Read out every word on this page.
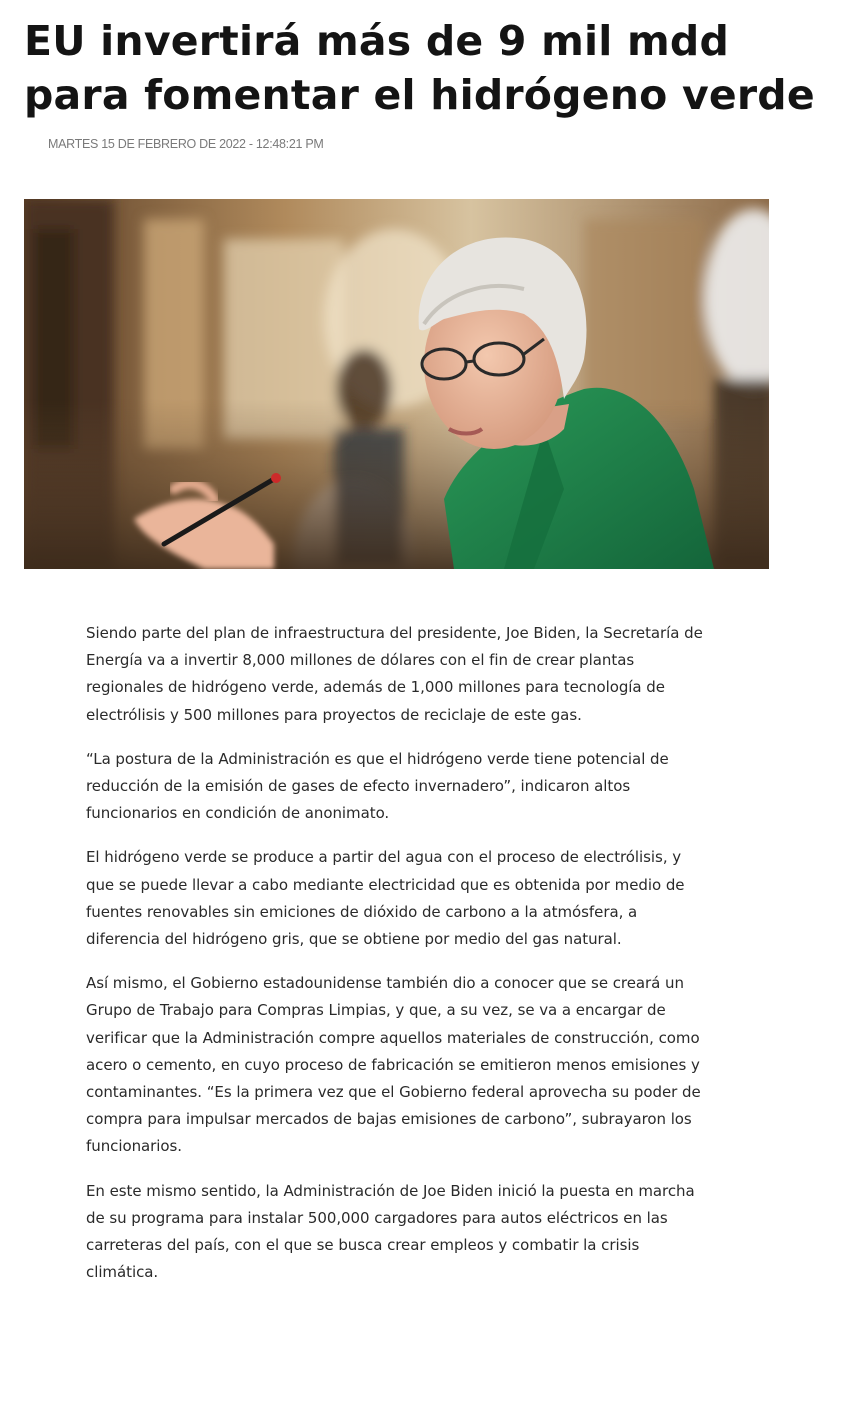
EU invertirá más de 9 mil mdd para fomentar el hidrógeno verde

MARTES 15 DE FEBRERO DE 2022 - 12:48:21 PM

Siendo parte del plan de infraestructura del presidente, Joe Biden, la Secretaría de Energía va a invertir 8,000 millones de dólares con el fin de crear plantas regionales de hidrógeno verde, además de 1,000 millones para tecnología de electrólisis y 500 millones para proyectos de reciclaje de este gas.

“La postura de la Administración es que el hidrógeno verde tiene potencial de reducción de la emisión de gases de efecto invernadero”, indicaron altos funcionarios en condición de anonimato.

El hidrógeno verde se produce a partir del agua con el proceso de electrólisis, y que se puede llevar a cabo mediante electricidad que es obtenida por medio de fuentes renovables sin emiciones de dióxido de carbono a la atmósfera, a diferencia del hidrógeno gris, que se obtiene por medio del gas natural.

Así mismo, el Gobierno estadounidense también dio a conocer que se creará un Grupo de Trabajo para Compras Limpias, y que, a su vez, se va a encargar de verificar que la Administración compre aquellos materiales de construcción, como acero o cemento, en cuyo proceso de fabricación se emitieron menos emisiones y contaminantes. “Es la primera vez que el Gobierno federal aprovecha su poder de compra para impulsar mercados de bajas emisiones de carbono”, subrayaron los funcionarios.

En este mismo sentido, la Administración de Joe Biden inició la puesta en marcha de su programa para instalar 500,000 cargadores para autos eléctricos en las carreteras del país, con el que se busca crear empleos y combatir la crisis climática.
